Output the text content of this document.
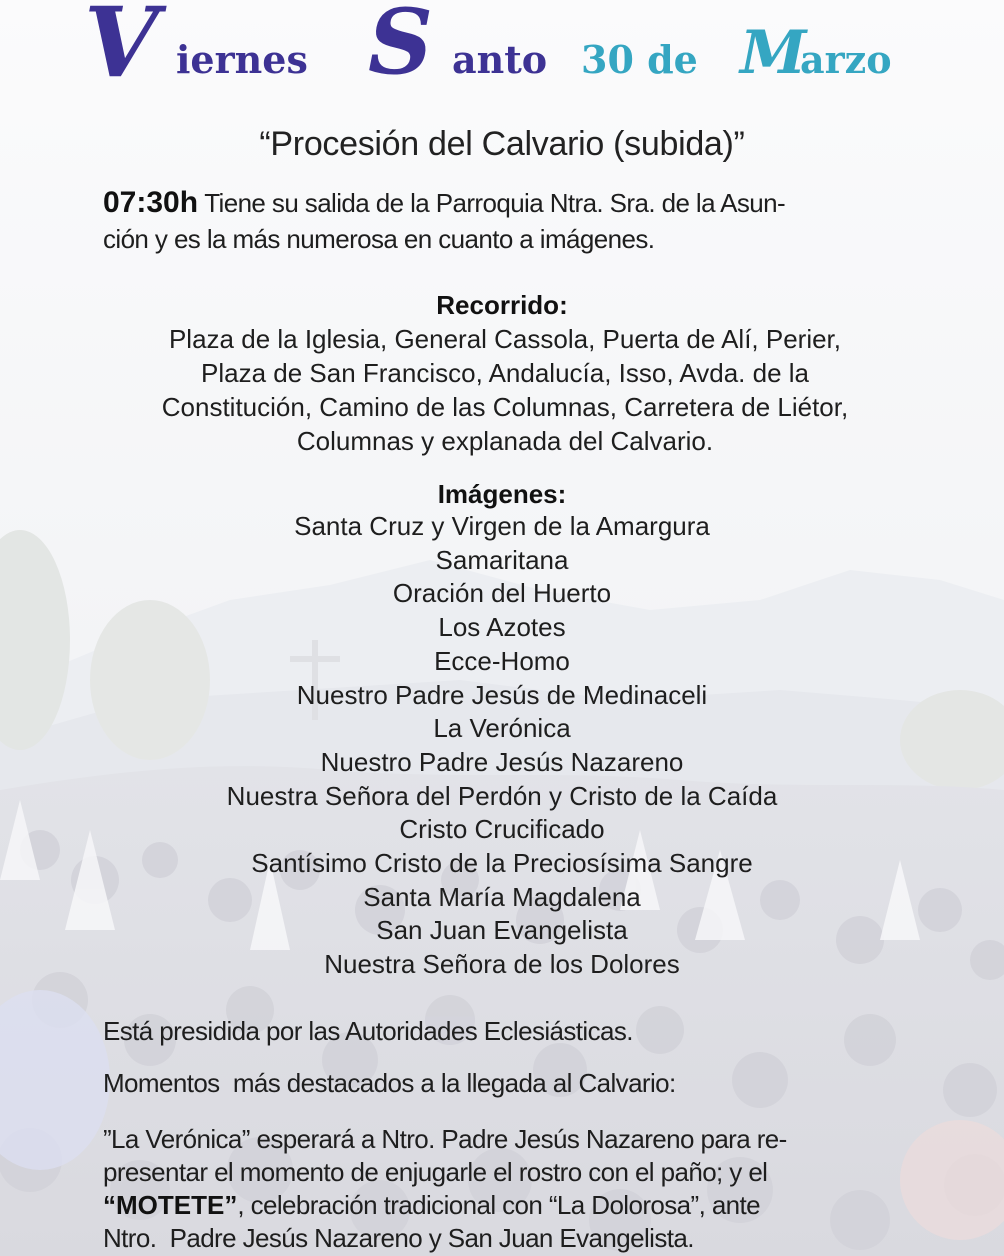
V iernes S anto 30 de M
arzo
“Procesión del Calvario (subida)”
07:30h Tiene su salida de la Parroquia Ntra. Sra. de la Asun-
ción y es la más numerosa en cuanto a imágenes.
Recorrido:
Plaza de la Iglesia, General Cassola, Puerta de Alí, Perier,
Plaza de San Francisco, Andalucía, Isso, Avda. de la
Constitución, Camino de las Columnas, Carretera de Liétor,
Columnas y explanada del Calvario.
Imágenes:
Santa Cruz y Virgen de la Amargura
Samaritana
Oración del Huerto
Los Azotes
Ecce-Homo
Nuestro Padre Jesús de Medinaceli
La Verónica
Nuestro Padre Jesús Nazareno
Nuestra Señora del Perdón y Cristo de la Caída
Cristo Crucificado
Santísimo Cristo de la Preciosísima Sangre
Santa María Magdalena
San Juan Evangelista
Nuestra Señora de los Dolores
Está presidida por las Autoridades Eclesiásticas.
Momentos  más destacados a la llegada al Calvario:
”La Verónica” esperará a Ntro. Padre Jesús Nazareno para re-
presentar el momento de enjugarle el rostro con el paño; y el
“MOTETE”, celebración tradicional con “La Dolorosa”, ante
Ntro.  Padre Jesús Nazareno y San Juan Evangelista.
